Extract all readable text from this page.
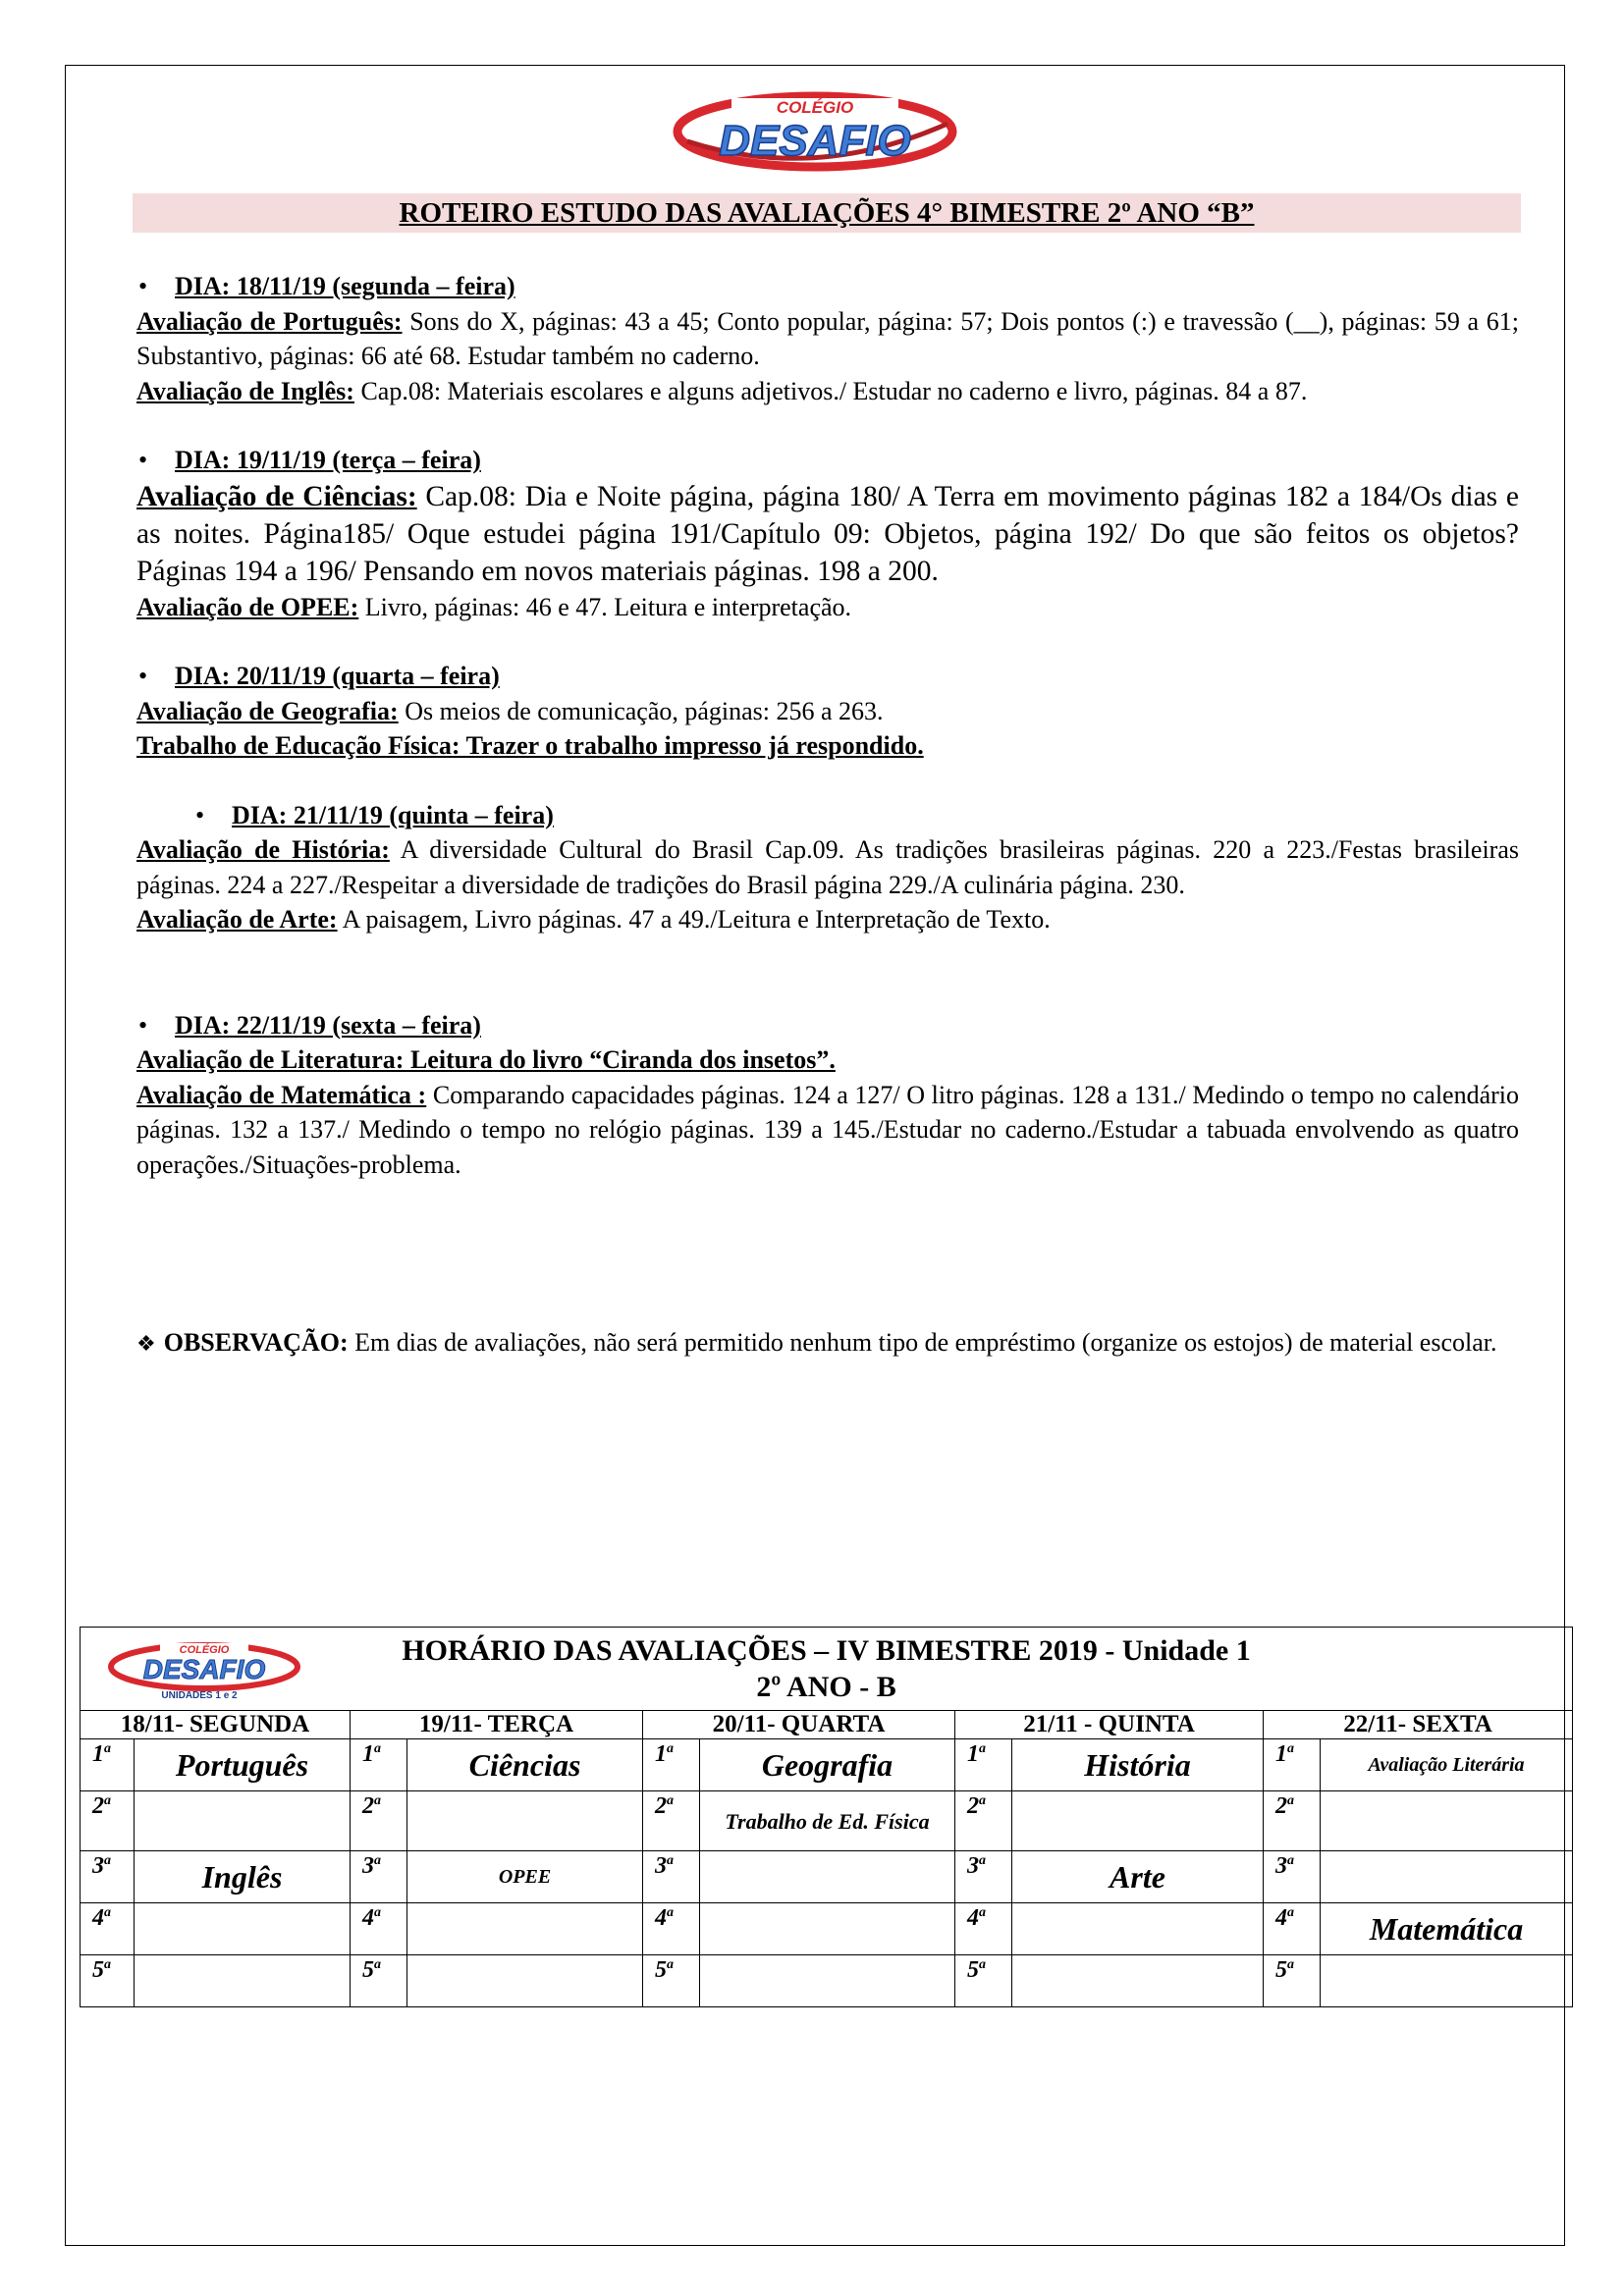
COLÉGIO
DESAFIO
ROTEIRO ESTUDO DAS AVALIAÇÕES 4° BIMESTRE 2º ANO “B”
• DIA: 18/11/19 (segunda – feira)

Avaliação de Português: Sons do X, páginas: 43 a 45; Conto popular, página: 57; Dois pontos (:) e travessão (__), páginas: 59 a 61; Substantivo, páginas: 66 até 68. Estudar também no caderno.

Avaliação de Inglês: Cap.08: Materiais escolares e alguns adjetivos./ Estudar no caderno e livro, páginas. 84 a 87.

• DIA: 19/11/19 (terça – feira)

Avaliação de Ciências: Cap.08: Dia e Noite página, página 180/ A Terra em movimento páginas 182 a 184/Os dias e as noites. Página185/ Oque estudei página 191/Capítulo 09: Objetos, página 192/ Do que são feitos os objetos? Páginas 194 a 196/ Pensando em novos materiais páginas. 198 a 200.

Avaliação de OPEE: Livro, páginas: 46 e 47. Leitura e interpretação.

• DIA: 20/11/19 (quarta – feira)

Avaliação de Geografia: Os meios de comunicação, páginas: 256 a 263.

Trabalho de Educação Física: Trazer o trabalho impresso já respondido.

• DIA: 21/11/19 (quinta – feira)

Avaliação de História: A diversidade Cultural do Brasil Cap.09. As tradições brasileiras páginas. 220 a 223./Festas brasileiras páginas. 224 a 227./Respeitar a diversidade de tradições do Brasil página 229./A culinária página. 230.

Avaliação de Arte: A paisagem, Livro páginas. 47 a 49./Leitura e Interpretação de Texto.

• DIA: 22/11/19 (sexta – feira)

Avaliação de Literatura: Leitura do livro “Ciranda dos insetos”.

Avaliação de Matemática : Comparando capacidades páginas. 124 a 127/ O litro páginas. 128 a 131./ Medindo o tempo no calendário páginas. 132 a 137./ Medindo o tempo no relógio páginas. 139 a 145./Estudar no caderno./Estudar a tabuada envolvendo as quatro operações./Situações-problema.

❖ OBSERVAÇÃO: Em dias de avaliações, não será permitido nenhum tipo de empréstimo (organize os estojos) de material escolar.
COLÉGIO
DESAFIO
UNIDADES 1 e 2
HORÁRIO DAS AVALIAÇÕES – IV BIMESTRE 2019 - Unidade 1
2º ANO - B									

18/11- SEGUNDA		19/11- TERÇA		20/11- QUARTA		21/11 - QUINTA		22/11- SEXTA	
1$^a$	Português	1$^a$	Ciências	1$^a$	Geografia	1$^a$	História	1$^a$	Avaliação Literária
2$^a$		2$^a$		2$^a$	Trabalho de Ed. Física	2$^a$		2$^a$	
3$^a$	Inglês	3$^a$	OPEE	3$^a$		3$^a$	Arte	3$^a$	
4$^a$		4$^a$		4$^a$		4$^a$		4$^a$	Matemática
5$^a$		5$^a$		5$^a$		5$^a$		5$^a$	
